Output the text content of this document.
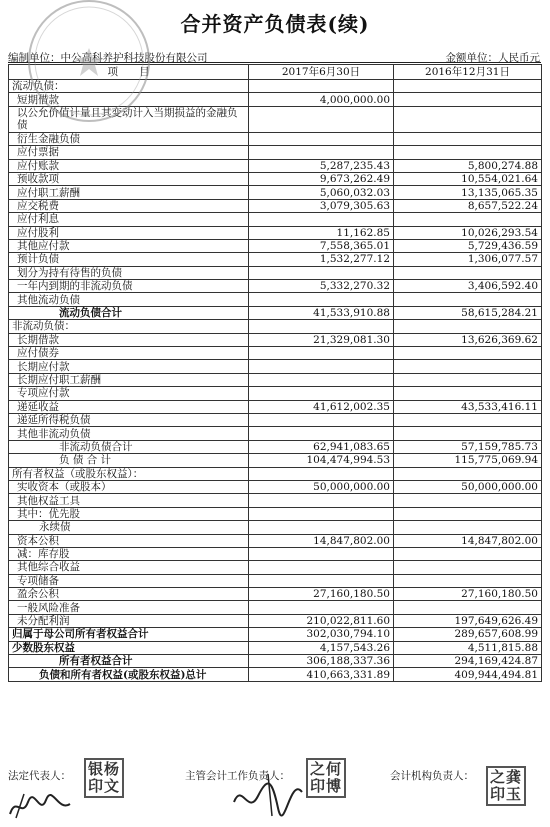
合并资产负债表(续)
编制单位：中公高科养护科技股份有限公司	金额单位：人民币元
项　　目	2017年6月30日	2016年12月31日
流动负债：		
短期借款	4,000,000.00	
以公允价值计量且其变动计入当期损益的金融负债		
衍生金融负债		
应付票据		
应付账款	5,287,235.43	5,800,274.88
预收款项	9,673,262.49	10,554,021.64
应付职工薪酬	5,060,032.03	13,135,065.35
应交税费	3,079,305.63	8,657,522.24
应付利息		
应付股利	11,162.85	10,026,293.54
其他应付款	7,558,365.01	5,729,436.59
预计负债	1,532,277.12	1,306,077.57
划分为持有待售的负债		
一年内到期的非流动负债	5,332,270.32	3,406,592.40
其他流动负债		
流动负债合计	41,533,910.88	58,615,284.21
非流动负债：		
长期借款	21,329,081.30	13,626,369.62
应付债券		
长期应付款		
长期应付职工薪酬		
专项应付款		
递延收益	41,612,002.35	43,533,416.11
递延所得税负债		
其他非流动负债		
非流动负债合计	62,941,083.65	57,159,785.73
负 债 合 计	104,474,994.53	115,775,069.94
所有者权益（或股东权益）：		
实收资本（或股本）	50,000,000.00	50,000,000.00
其他权益工具		
其中：优先股		
永续债		
资本公积	14,847,802.00	14,847,802.00
减：库存股		
其他综合收益		
专项储备		
盈余公积	27,160,180.50	27,160,180.50
一般风险准备		
未分配利润	210,022,811.60	197,649,626.49
归属于母公司所有者权益合计	302,030,794.10	289,657,608.99
少数股东权益	4,157,543.26	4,511,815.88
所有者权益合计	306,188,337.36	294,169,424.87
负债和所有者权益(或股东权益)总计	410,663,331.89	409,944,494.81
法定代表人： 银杨
印文
主管会计工作负责人： 之何
印博
会计机构负责人： 之龚
印玉
